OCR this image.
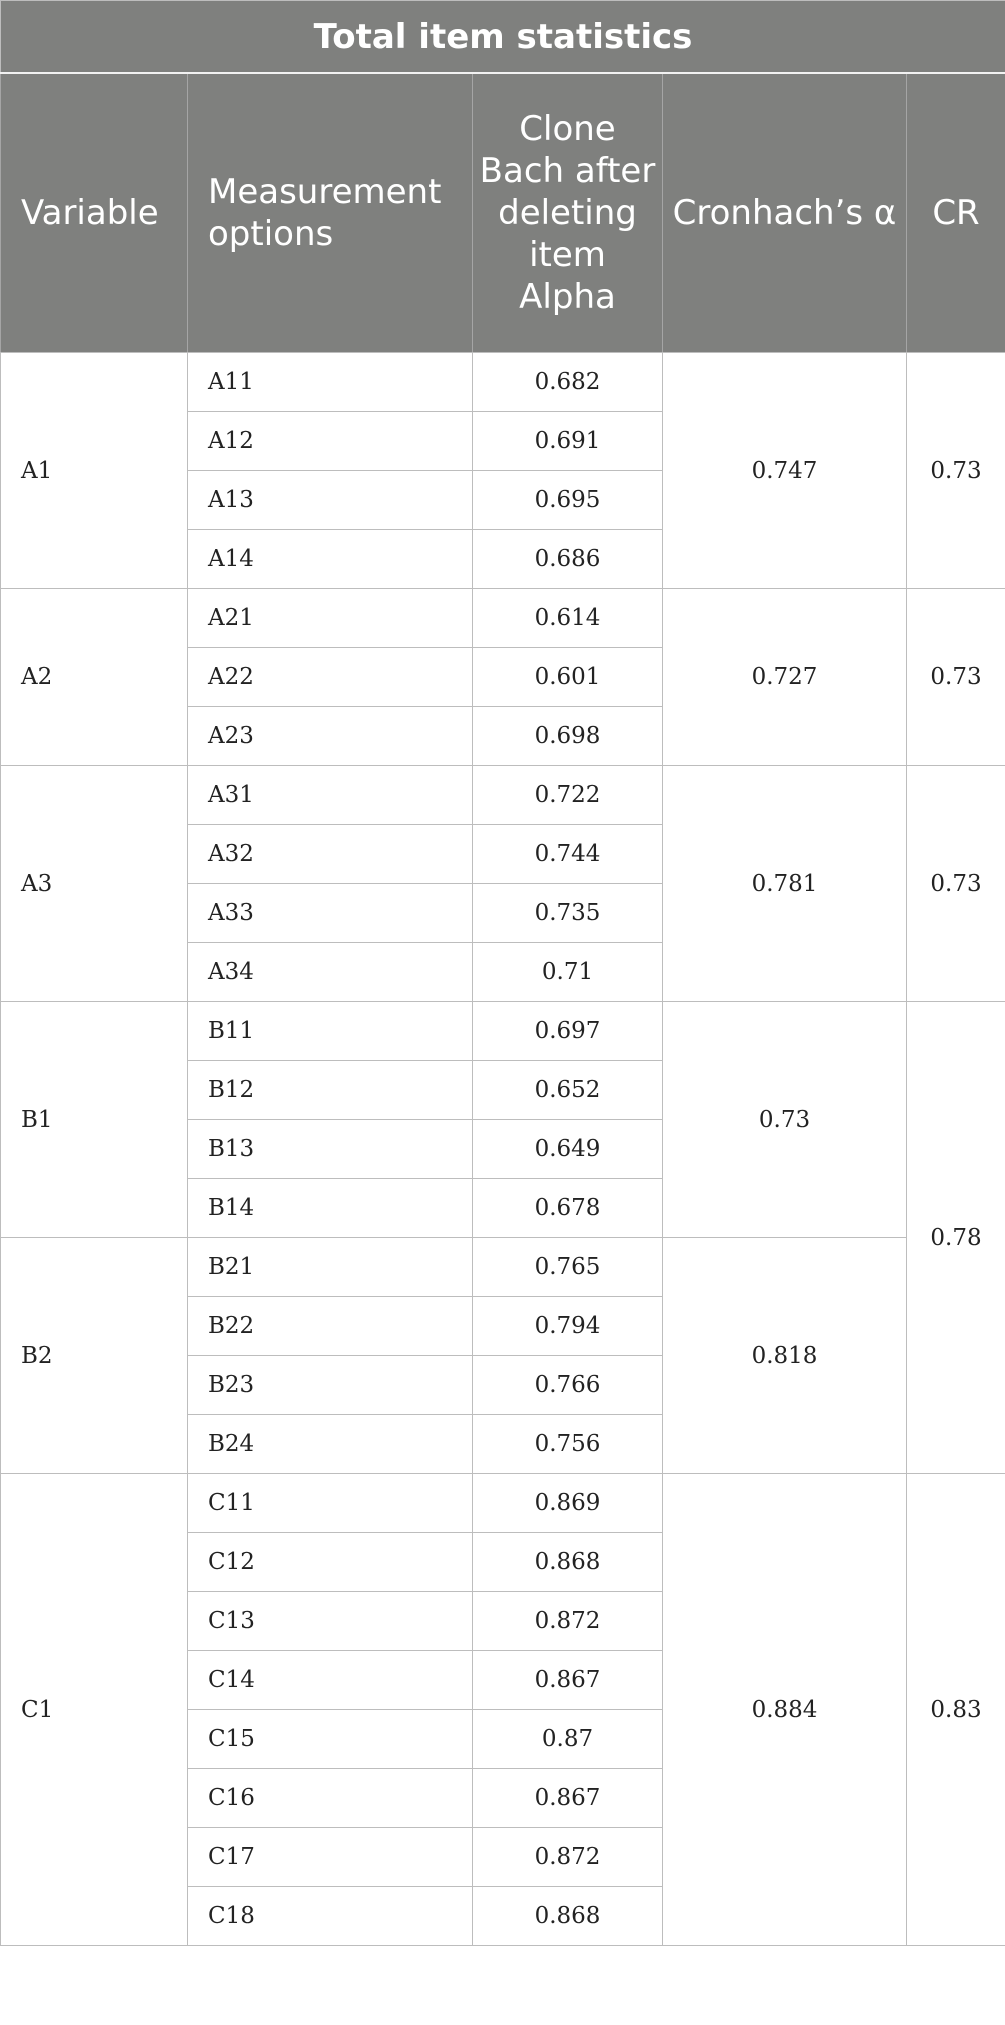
Total item statistics				
Variable	Measurement options	Clone Bach after deleting item Alpha	Cronhach’s α	CR
A1	A11	0.682	0.747	0.73
	A12	0.691		
	A13	0.695		
	A14	0.686		
A2	A21	0.614	0.727	0.73
	A22	0.601		
	A23	0.698		
A3	A31	0.722	0.781	0.73
	A32	0.744		
	A33	0.735		
	A34	0.71		
B1	B11	0.697	0.73	0.78
	B12	0.652		
	B13	0.649		
	B14	0.678		
B2	B21	0.765	0.818	
	B22	0.794		
	B23	0.766		
	B24	0.756		
C1	C11	0.869	0.884	0.83
	C12	0.868		
	C13	0.872		
	C14	0.867		
	C15	0.87		
	C16	0.867		
	C17	0.872		
	C18	0.868		
